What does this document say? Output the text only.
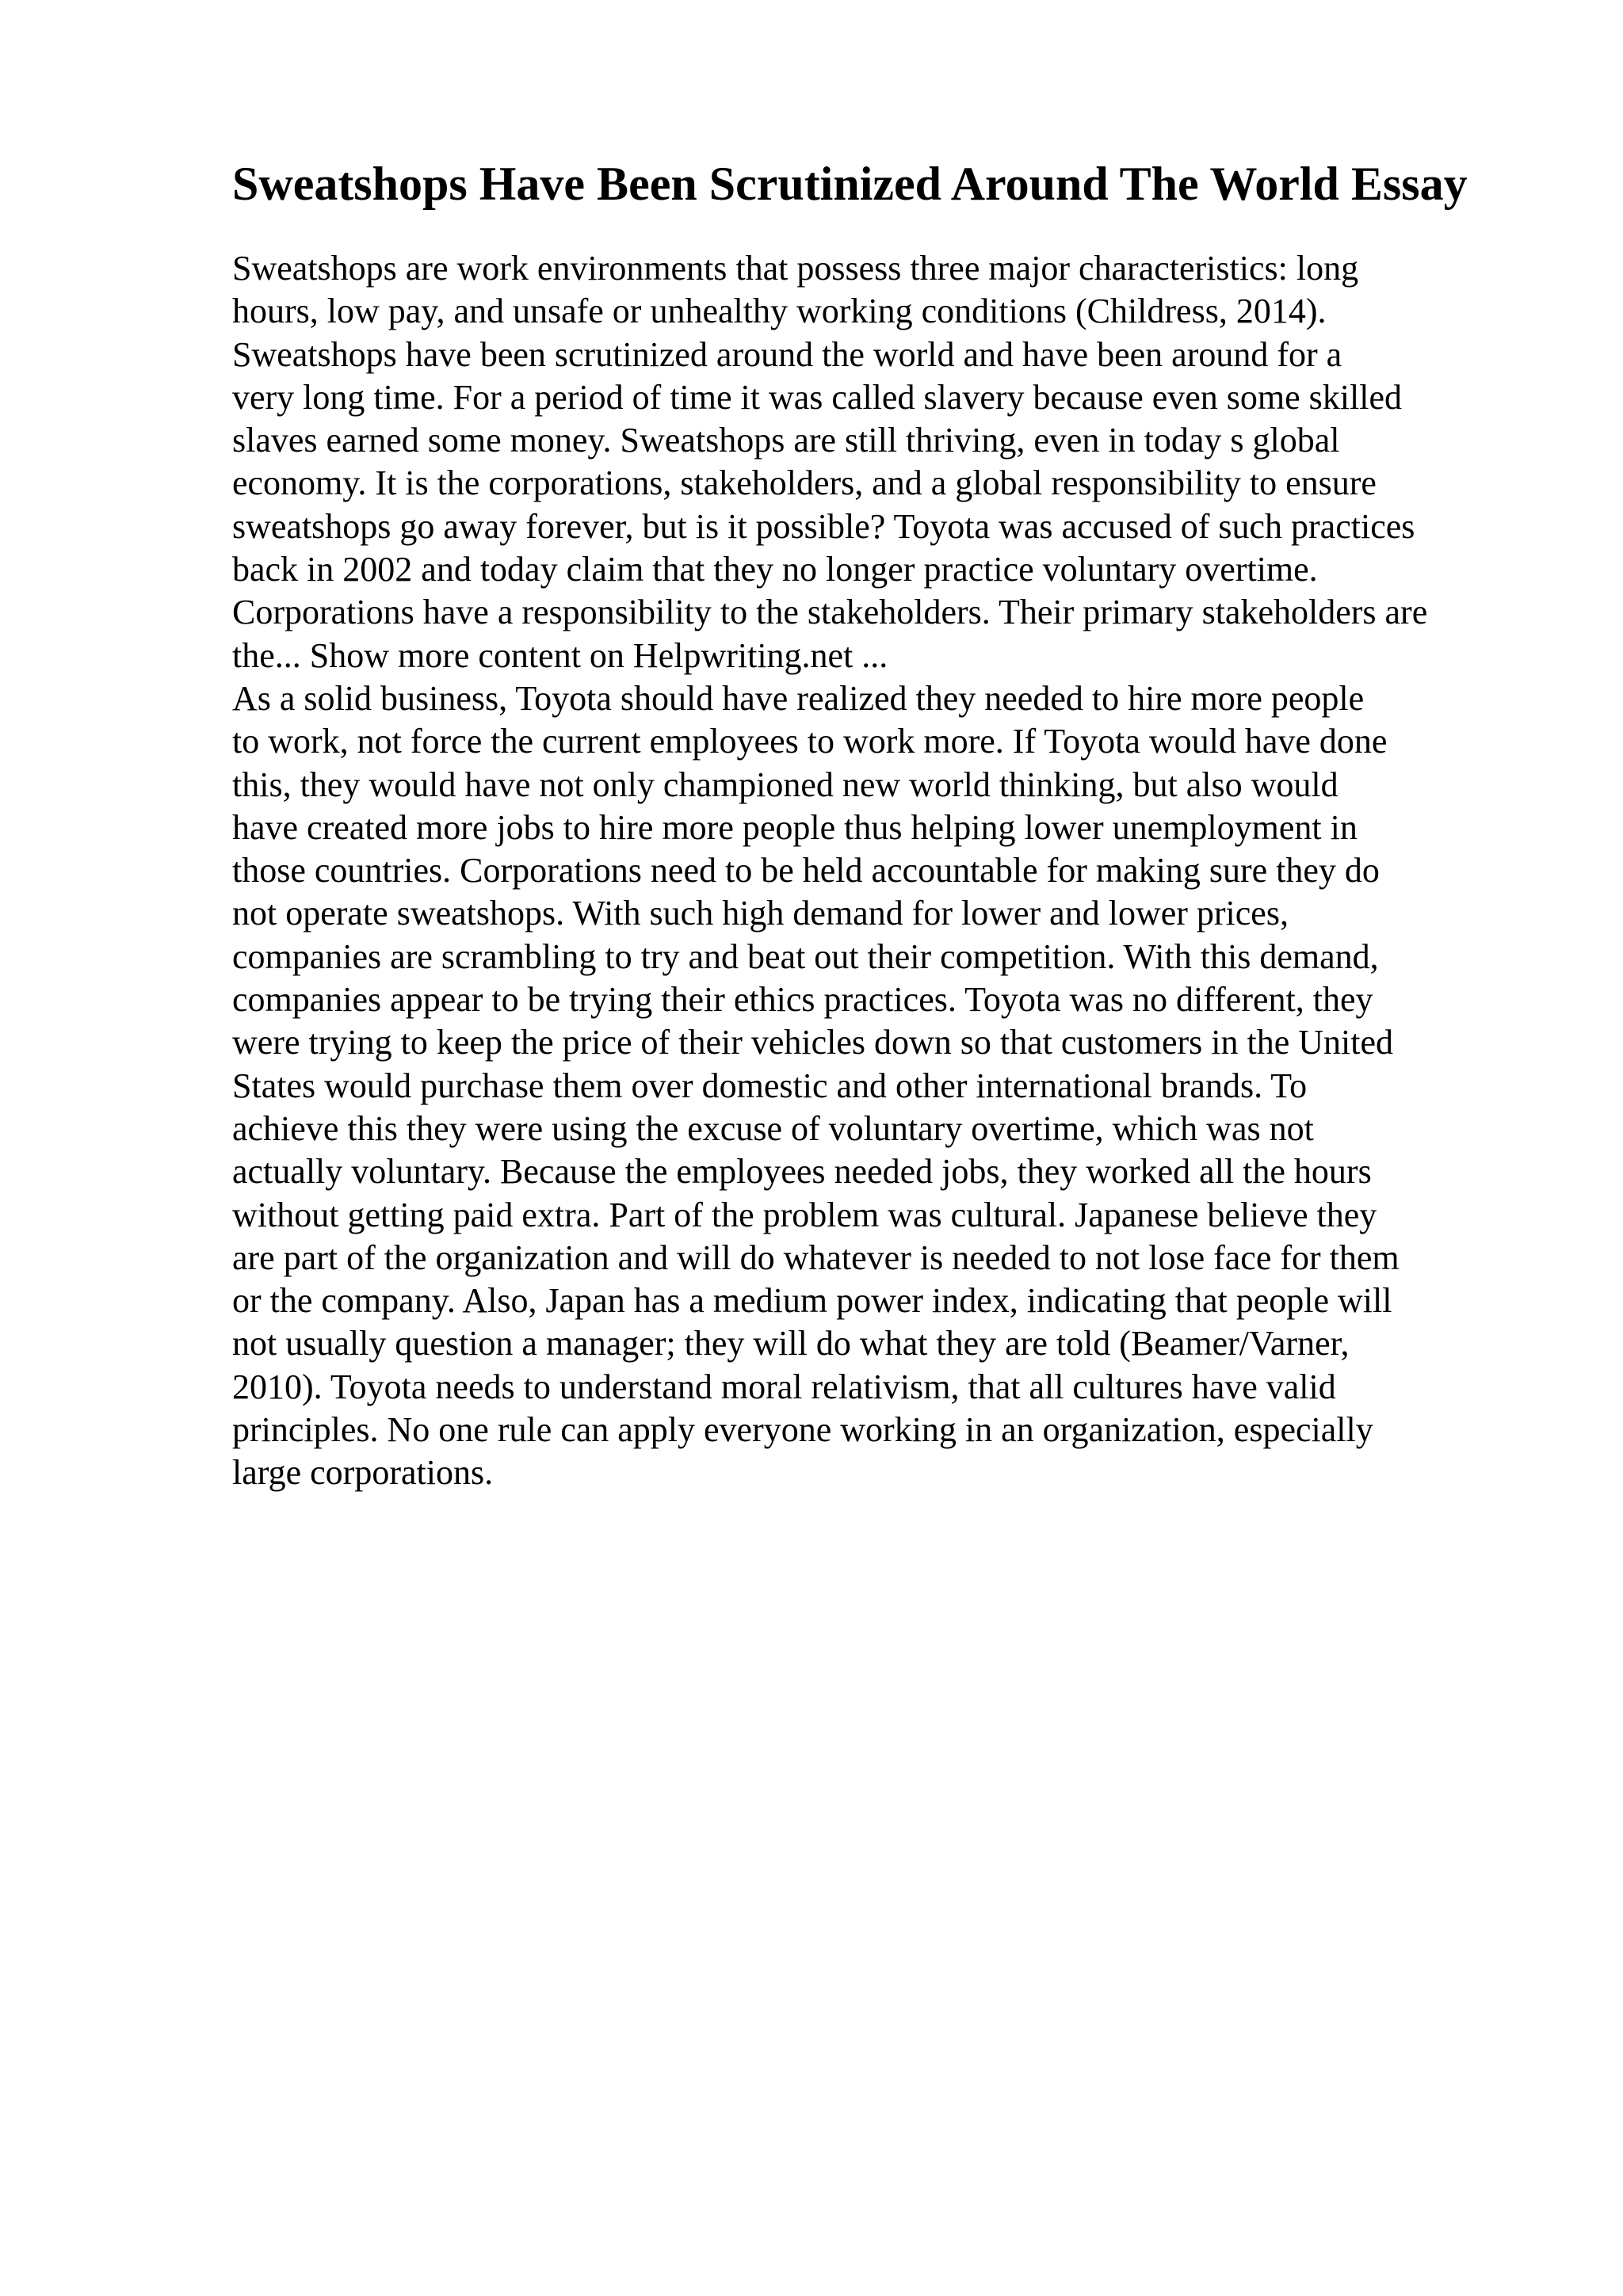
Sweatshops Have Been Scrutinized Around The World Essay
Sweatshops are work environments that possess three major characteristics: long
hours, low pay, and unsafe or unhealthy working conditions (Childress, 2014).
Sweatshops have been scrutinized around the world and have been around for a
very long time. For a period of time it was called slavery because even some skilled
slaves earned some money. Sweatshops are still thriving, even in today s global
economy. It is the corporations, stakeholders, and a global responsibility to ensure
sweatshops go away forever, but is it possible? Toyota was accused of such practices
back in 2002 and today claim that they no longer practice voluntary overtime.
Corporations have a responsibility to the stakeholders. Their primary stakeholders are
the... Show more content on Helpwriting.net ...
As a solid business, Toyota should have realized they needed to hire more people
to work, not force the current employees to work more. If Toyota would have done
this, they would have not only championed new world thinking, but also would
have created more jobs to hire more people thus helping lower unemployment in
those countries. Corporations need to be held accountable for making sure they do
not operate sweatshops. With such high demand for lower and lower prices,
companies are scrambling to try and beat out their competition. With this demand,
companies appear to be trying their ethics practices. Toyota was no different, they
were trying to keep the price of their vehicles down so that customers in the United
States would purchase them over domestic and other international brands. To
achieve this they were using the excuse of voluntary overtime, which was not
actually voluntary. Because the employees needed jobs, they worked all the hours
without getting paid extra. Part of the problem was cultural. Japanese believe they
are part of the organization and will do whatever is needed to not lose face for them
or the company. Also, Japan has a medium power index, indicating that people will
not usually question a manager; they will do what they are told (Beamer/Varner,
2010). Toyota needs to understand moral relativism, that all cultures have valid
principles. No one rule can apply everyone working in an organization, especially
large corporations.
